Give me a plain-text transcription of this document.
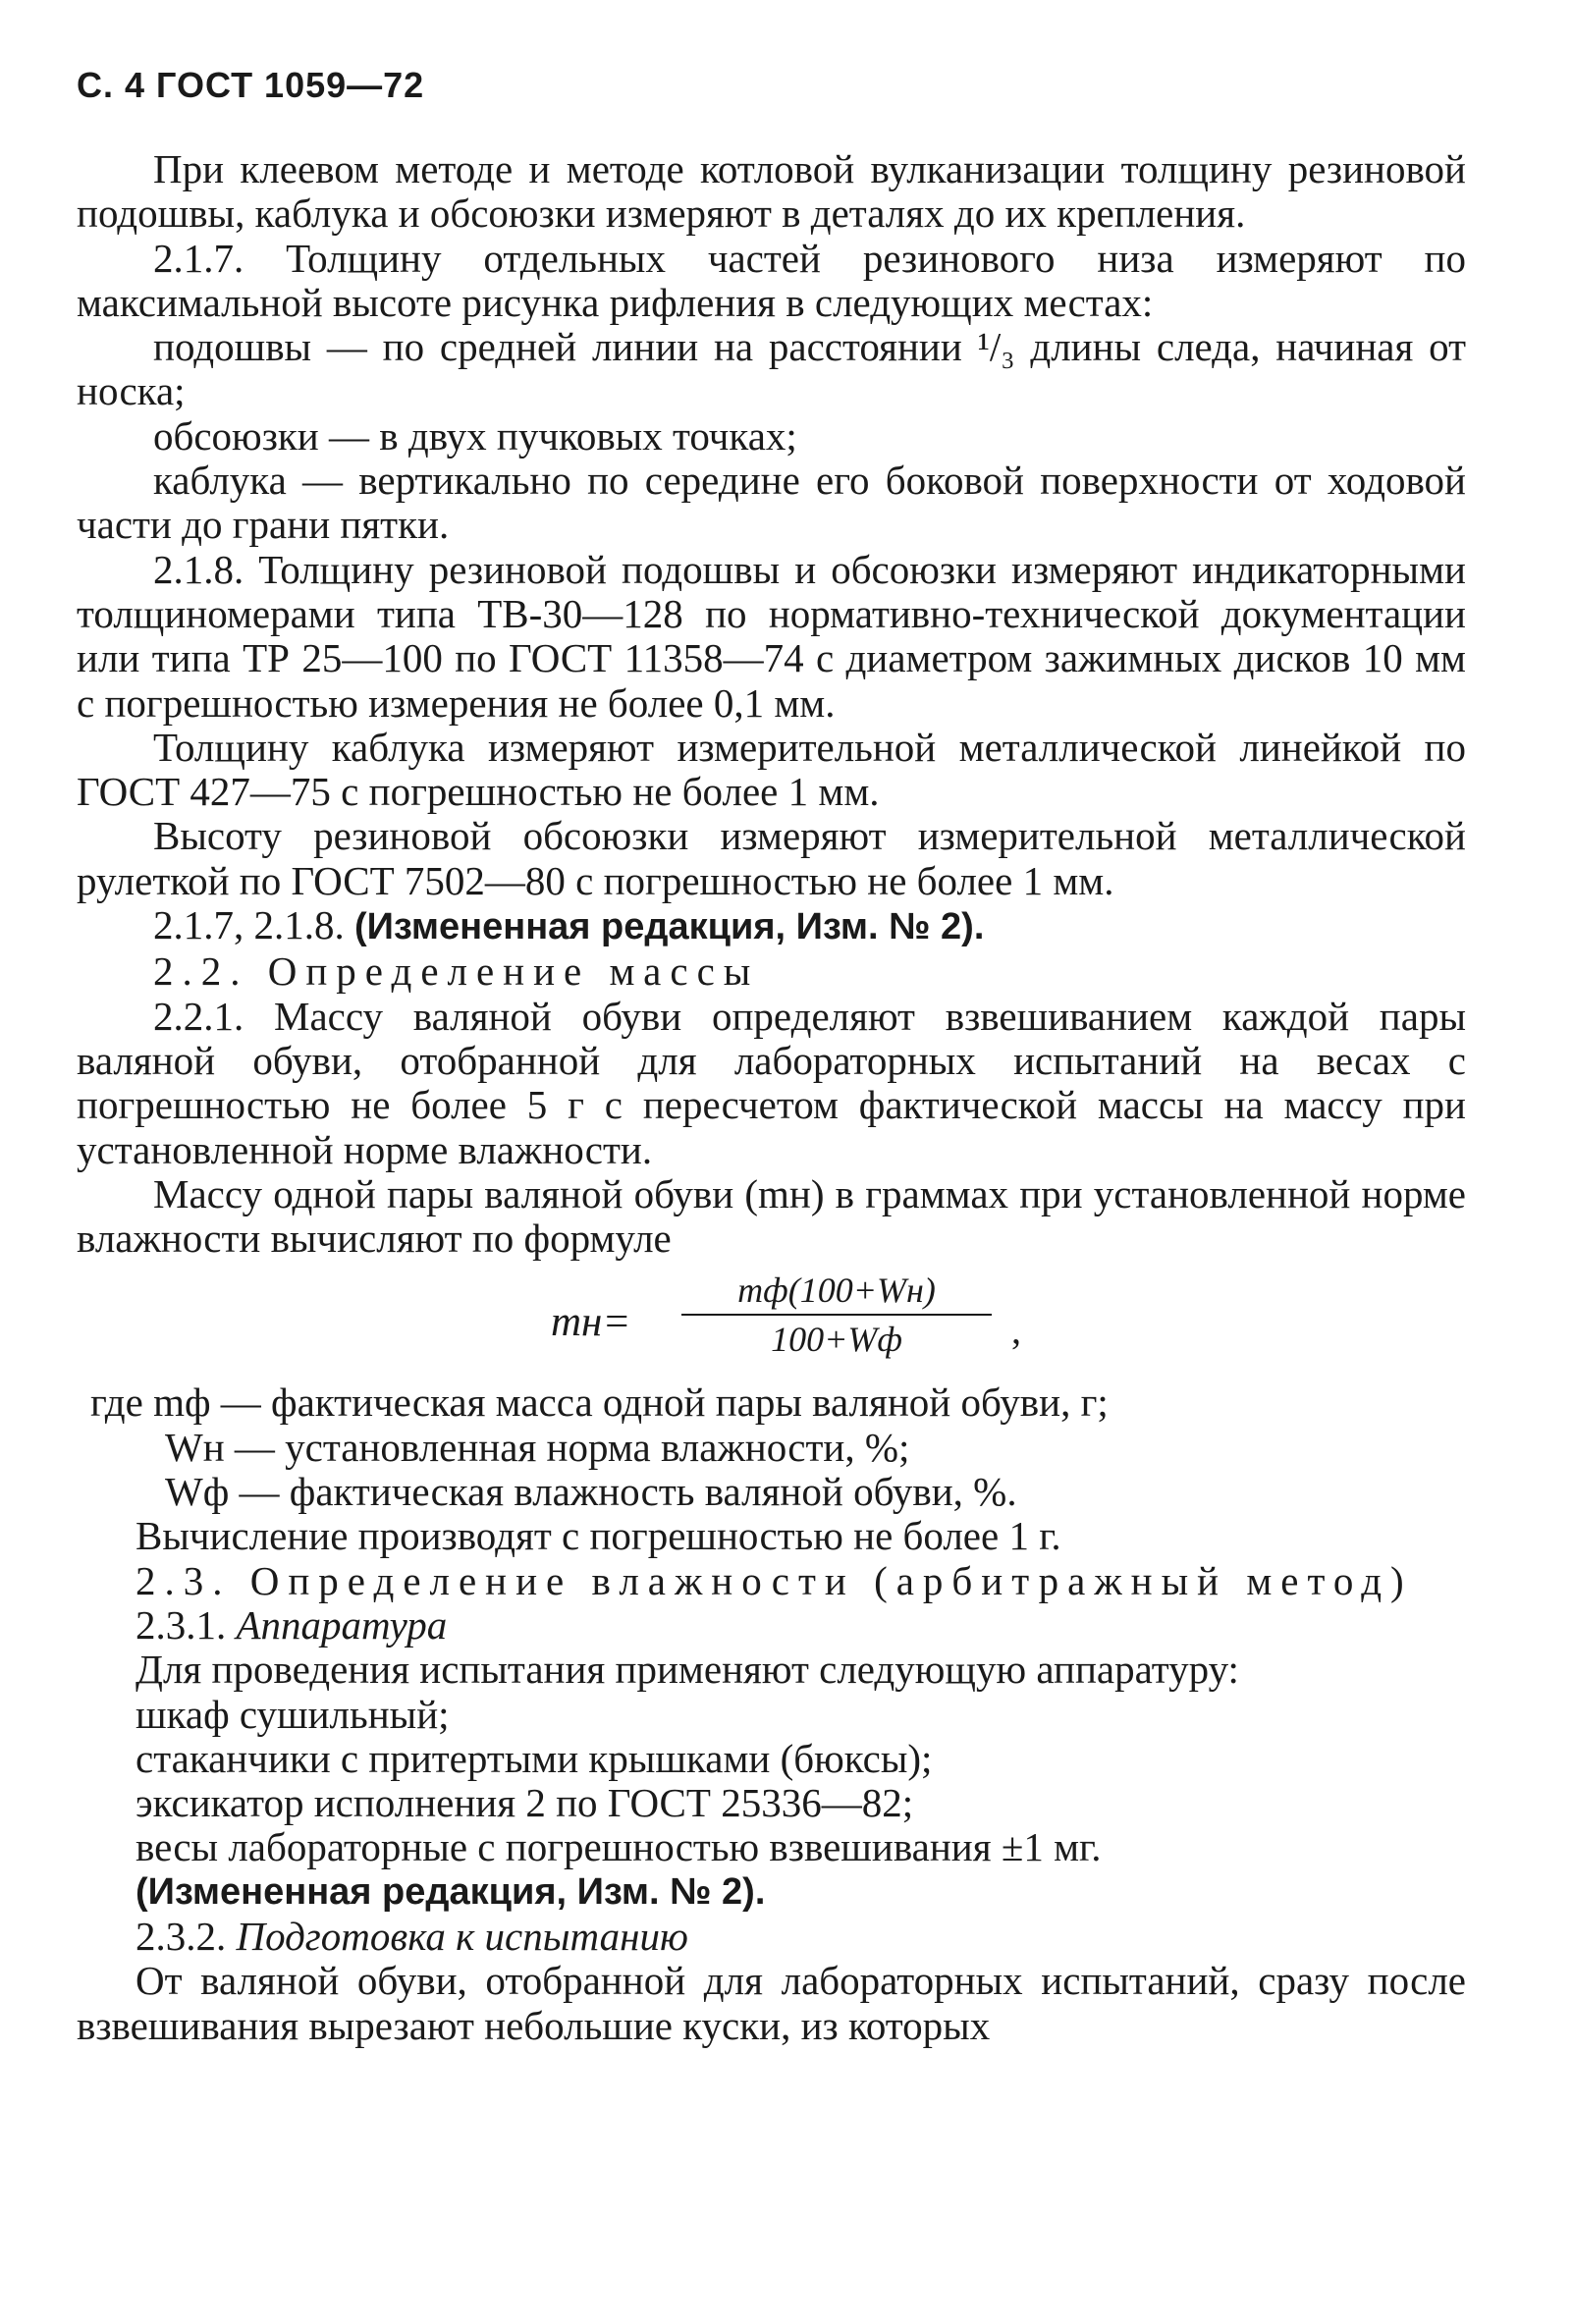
С. 4 ГОСТ 1059—72

При клеевом методе и методе котловой вулканизации толщину резиновой подошвы, каблука и обсоюзки измеряют в деталях до их крепления.

2.1.7. Толщину отдельных частей резинового низа измеряют по максимальной высоте рисунка рифления в следующих местах:

подошвы — по средней линии на расстоянии ¹/₃ длины следа, начиная от носка;

обсоюзки — в двух пучковых точках;

каблука — вертикально по середине его боковой поверхности от ходовой части до грани пятки.

2.1.8. Толщину резиновой подошвы и обсоюзки измеряют индикаторными толщиномерами типа ТВ-30—128 по нормативно-технической документации или типа ТР 25—100 по ГОСТ 11358—74 с диаметром зажимных дисков 10 мм с погрешностью измерения не более 0,1 мм.

Толщину каблука измеряют измерительной металлической линейкой по ГОСТ 427—75 с погрешностью не более 1 мм.

Высоту резиновой обсоюзки измеряют измерительной металлической рулеткой по ГОСТ 7502—80 с погрешностью не более 1 мм.

2.1.7, 2.1.8. (Измененная редакция, Изм. № 2).

2.2. Определение массы

2.2.1. Массу валяной обуви определяют взвешиванием каждой пары валяной обуви, отобранной для лабораторных испытаний на весах с погрешностью не более 5 г с пересчетом фактической массы на массу при установленной норме влажности.

Массу одной пары валяной обуви (mн) в граммах при установленной норме влажности вычисляют по формуле

mн=
mф(100+Wн)
100+Wф	,

где mф — фактическая масса одной пары валяной обуви, г;

Wн — установленная норма влажности, %;

Wф — фактическая влажность валяной обуви, %.

Вычисление производят с погрешностью не более 1 г.

2.3. Определение влажности (арбитражный метод)

2.3.1. Аппаратура

Для проведения испытания применяют следующую аппаратуру:

шкаф сушильный;

стаканчики с притертыми крышками (бюксы);

эксикатор исполнения 2 по ГОСТ 25336—82;

весы лабораторные с погрешностью взвешивания ±1 мг.

(Измененная редакция, Изм. № 2).

2.3.2. Подготовка к испытанию

От валяной обуви, отобранной для лабораторных испытаний, сразу после взвешивания вырезают небольшие куски, из которых
